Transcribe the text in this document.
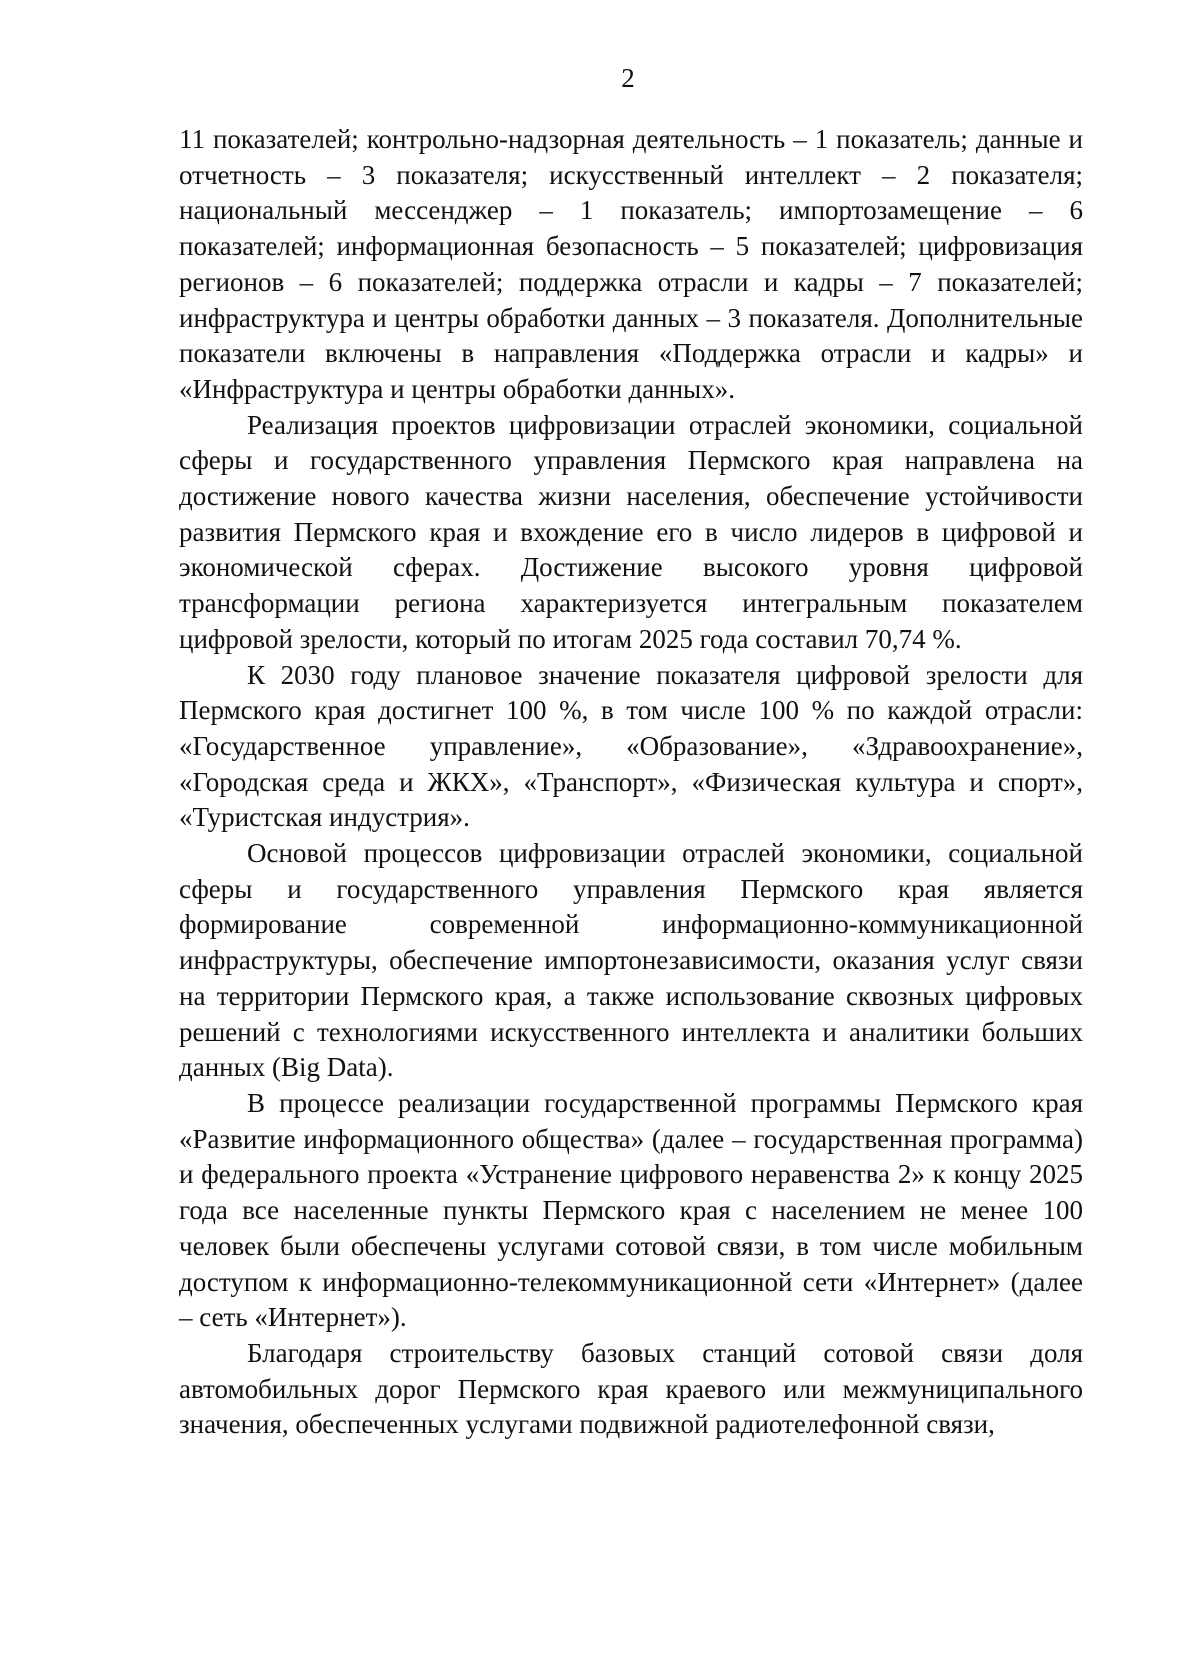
2

11 показателей; контрольно-надзорная деятельность – 1 показатель; данные и отчетность – 3 показателя; искусственный интеллект – 2 показателя; национальный мессенджер – 1 показатель; импортозамещение – 6 показателей; информационная безопасность – 5 показателей; цифровизация регионов – 6 показателей; поддержка отрасли и кадры – 7 показателей; инфраструктура и центры обработки данных – 3 показателя. Дополнительные показатели включены в направления «Поддержка отрасли и кадры» и «Инфраструктура и центры обработки данных».

Реализация проектов цифровизации отраслей экономики, социальной сферы и государственного управления Пермского края направлена на достижение нового качества жизни населения, обеспечение устойчивости развития Пермского края и вхождение его в число лидеров в цифровой и экономической сферах. Достижение высокого уровня цифровой трансформации региона характеризуется интегральным показателем цифровой зрелости, который по итогам 2025 года составил 70,74 %.

К 2030 году плановое значение показателя цифровой зрелости для Пермского края достигнет 100 %, в том числе 100 % по каждой отрасли: «Государственное управление», «Образование», «Здравоохранение», «Городская среда и ЖКХ», «Транспорт», «Физическая культура и спорт», «Туристская индустрия».

Основой процессов цифровизации отраслей экономики, социальной сферы и государственного управления Пермского края является формирование современной информационно-коммуникационной инфраструктуры, обеспечение импортонезависимости, оказания услуг связи на территории Пермского края, а также использование сквозных цифровых решений с технологиями искусственного интеллекта и аналитики больших данных (Big Data).

В процессе реализации государственной программы Пермского края «Развитие информационного общества» (далее – государственная программа) и федерального проекта «Устранение цифрового неравенства 2» к концу 2025 года все населенные пункты Пермского края с населением не менее 100 человек были обеспечены услугами сотовой связи, в том числе мобильным доступом к информационно-телекоммуникационной сети «Интернет» (далее – сеть «Интернет»).

Благодаря строительству базовых станций сотовой связи доля автомобильных дорог Пермского края краевого или межмуниципального значения, обеспеченных услугами подвижной радиотелефонной связи,
